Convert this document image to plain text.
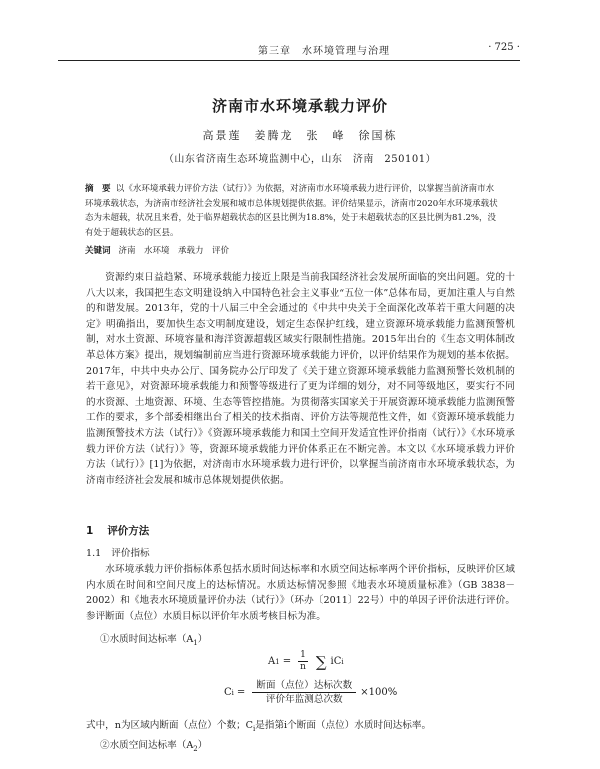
第三章　水环境管理与治理	· 725 ·
济南市水环境承载力评价
高景莲　姜腾龙　张　峰　徐国栋
（山东省济南生态环境监测中心，山东　济南　250101）
摘　要 以《水环境承载力评价方法（试行）》为依据，对济南市水环境承载力进行评价，以掌握当前济南市水环境承载状态，为济南市经济社会发展和城市总体规划提供依据。评价结果显示，济南市2020年水环境承载状态为未超载，状况且来看，处于临界超载状态的区县比例为18.8%，处于未超载状态的区县比例为81.2%，没有处于超载状态的区县。
关键词 济南　水环境　承载力　评价

资源约束日益趋紧、环境承载能力接近上限是当前我国经济社会发展所面临的突出问题。党的十八大以来，我国把生态文明建设纳入中国特色社会主义事业“五位一体”总体布局，更加注重人与自然的和谐发展。2013年，党的十八届三中全会通过的《中共中央关于全面深化改革若干重大问题的决定》明确指出，要加快生态文明制度建设，划定生态保护红线，建立资源环境承载能力监测预警机制，对水土资源、环境容量和海洋资源超载区域实行限制性措施。2015年出台的《生态文明体制改革总体方案》提出，规划编制前应当进行资源环境承载能力评价，以评价结果作为规划的基本依据。2017年，中共中央办公厅、国务院办公厅印发了《关于建立资源环境承载能力监测预警长效机制的若干意见》，对资源环境承载能力和预警等级进行了更为详细的划分，对不同等级地区，要实行不同的水资源、土地资源、环境、生态等管控措施。为贯彻落实国家关于开展资源环境承载能力监测预警工作的要求，多个部委相继出台了相关的技术指南、评价方法等规范性文件，如《资源环境承载能力监测预警技术方法（试行）》《资源环境承载能力和国土空间开发适宜性评价指南（试行）》《水环境承载力评价方法（试行）》等，资源环境承载能力评价体系正在不断完善。本文以《水环境承载力评价方法（试行）》[1]为依据，对济南市水环境承载力进行评价，以掌握当前济南市水环境承载状态，为济南市经济社会发展和城市总体规划提供依据。

1 评价方法
1.1 评价指标

水环境承载力评价指标体系包括水质时间达标率和水质空间达标率两个评价指标，反映评价区域内水质在时间和空间尺度上的达标情况。水质达标情况参照《地表水环境质量标准》（GB 3838－2002）和《地表水环境质量评价办法（试行）》（环办〔2011〕22号）中的单因子评价法进行评价。参评断面（点位）水质目标以评价年水质考核目标为准。

①水质时间达标率$(A_1)$
A $1 = \frac{1}{n}$ ∑ iC i
C $i = \frac{\text{断面（点位）达标次数}}{\text{评价年监测总次数}} \times 100\%$
式中，n为区域内断面（点位）个数；$C_i$是指第i个断面（点位）水质时间达标率。
②水质空间达标率$(A_2)$
